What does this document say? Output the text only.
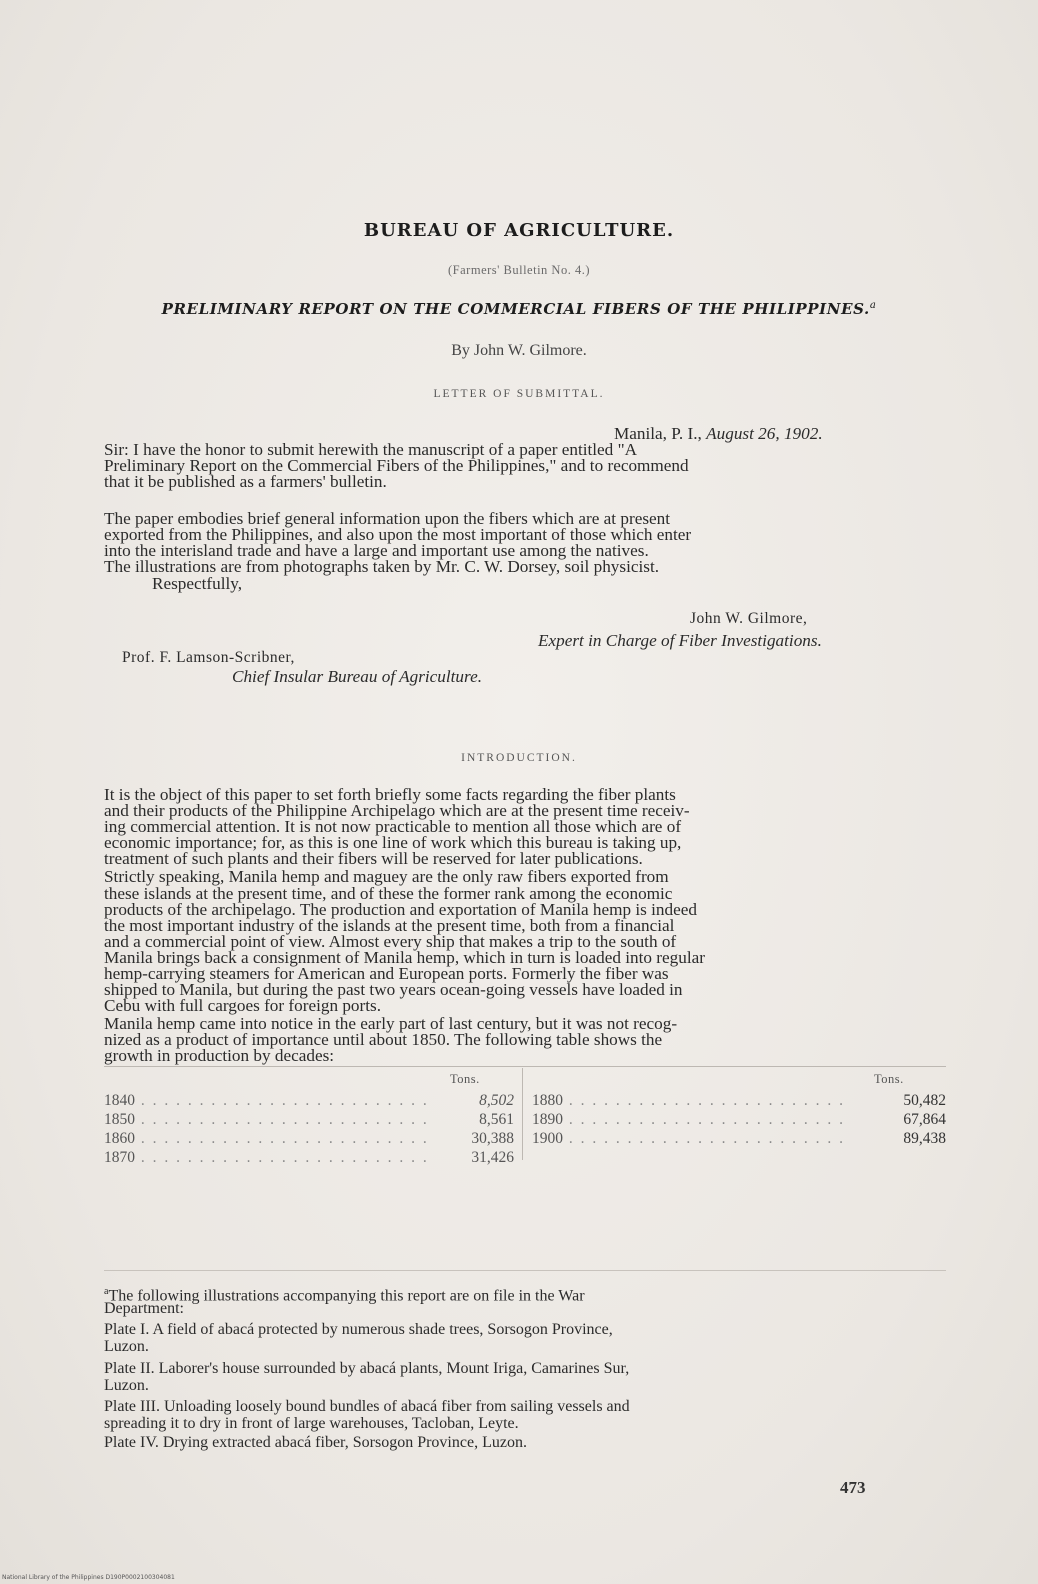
BUREAU OF AGRICULTURE.
(Farmers' Bulletin No. 4.)
PRELIMINARY REPORT ON THE COMMERCIAL FIBERS OF THE PHILIPPINES.$^a$
By John W. Gilmore.
LETTER OF SUBMITTAL.
Manila, P. I., August 26, 1902.
Sir: I have the honor to submit herewith the manuscript of a paper entitled "A
Preliminary Report on the Commercial Fibers of the Philippines," and to recommend
that it be published as a farmers' bulletin.
The paper embodies brief general information upon the fibers which are at present
exported from the Philippines, and also upon the most important of those which enter
into the interisland trade and have a large and important use among the natives.
The illustrations are from photographs taken by Mr. C. W. Dorsey, soil physicist.
Respectfully,
John W. Gilmore,
Expert in Charge of Fiber Investigations.
Prof. F. Lamson-Scribner,
Chief Insular Bureau of Agriculture.
INTRODUCTION.
It is the object of this paper to set forth briefly some facts regarding the fiber plants
and their products of the Philippine Archipelago which are at the present time receiv-
ing commercial attention. It is not now practicable to mention all those which are of
economic importance; for, as this is one line of work which this bureau is taking up,
treatment of such plants and their fibers will be reserved for later publications.
Strictly speaking, Manila hemp and maguey are the only raw fibers exported from
these islands at the present time, and of these the former rank among the economic
products of the archipelago. The production and exportation of Manila hemp is indeed
the most important industry of the islands at the present time, both from a financial
and a commercial point of view. Almost every ship that makes a trip to the south of
Manila brings back a consignment of Manila hemp, which in turn is loaded into regular
hemp-carrying steamers for American and European ports. Formerly the fiber was
shipped to Manila, but during the past two years ocean-going vessels have loaded in
Cebu with full cargoes for foreign ports.
Manila hemp came into notice in the early part of last century, but it was not recog-
nized as a product of importance until about 1850. The following table shows the
growth in production by decades:
Tons.	Tons.
1840 . . . . . . . . . . . . . . . . . . . . . . . . .	8,502
1850 . . . . . . . . . . . . . . . . . . . . . . . . .	8,561
1860 . . . . . . . . . . . . . . . . . . . . . . . . .	30,388
1870 . . . . . . . . . . . . . . . . . . . . . . . . .	31,426
1880 . . . . . . . . . . . . . . . . . . . . . . . .	50,482
1890 . . . . . . . . . . . . . . . . . . . . . . . .	67,864
1900 . . . . . . . . . . . . . . . . . . . . . . . .	89,438
$^a$The following illustrations accompanying this report are on file in the War
Department:
Plate I. A field of abacá protected by numerous shade trees, Sorsogon Province,
Luzon.
Plate II. Laborer's house surrounded by abacá plants, Mount Iriga, Camarines Sur,
Luzon.
Plate III. Unloading loosely bound bundles of abacá fiber from sailing vessels and
spreading it to dry in front of large warehouses, Tacloban, Leyte.
Plate IV. Drying extracted abacá fiber, Sorsogon Province, Luzon.
473
National Library of the Philippines D190P0002100304081
